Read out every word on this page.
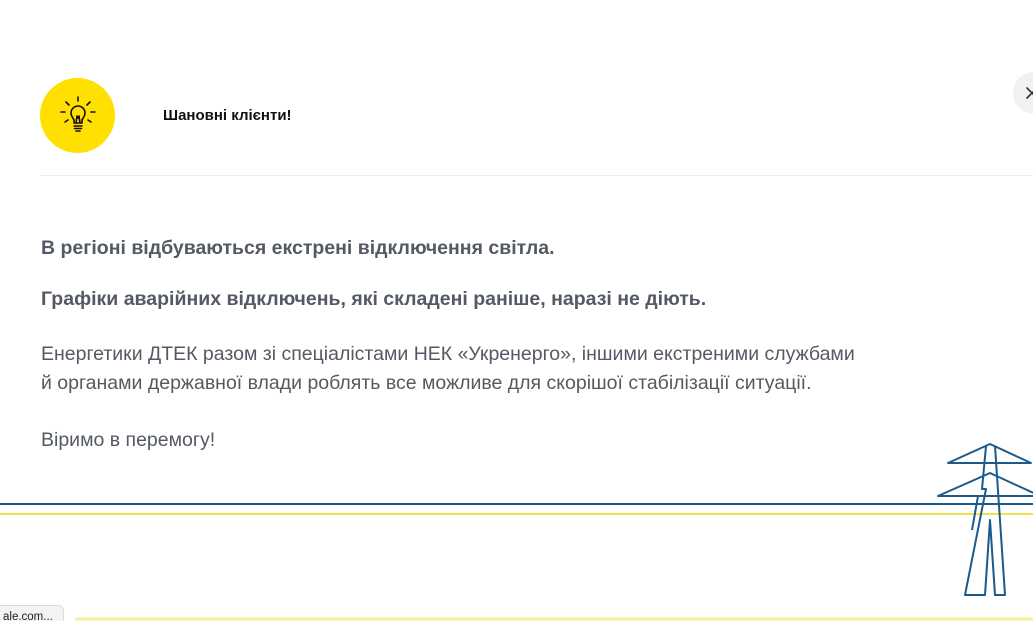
Шановні клієнти!

В регіоні відбуваються екстрені відключення світла.

Графіки аварійних відключень, які складені раніше, наразі не діють.

Енергетики ДТЕК разом зі спеціалістами НЕК «Укренерго», іншими екстреними службами
й органами державної влади роблять все можливе для скорішої стабілізації ситуації.

Віримо в перемогу!

ale.com...
